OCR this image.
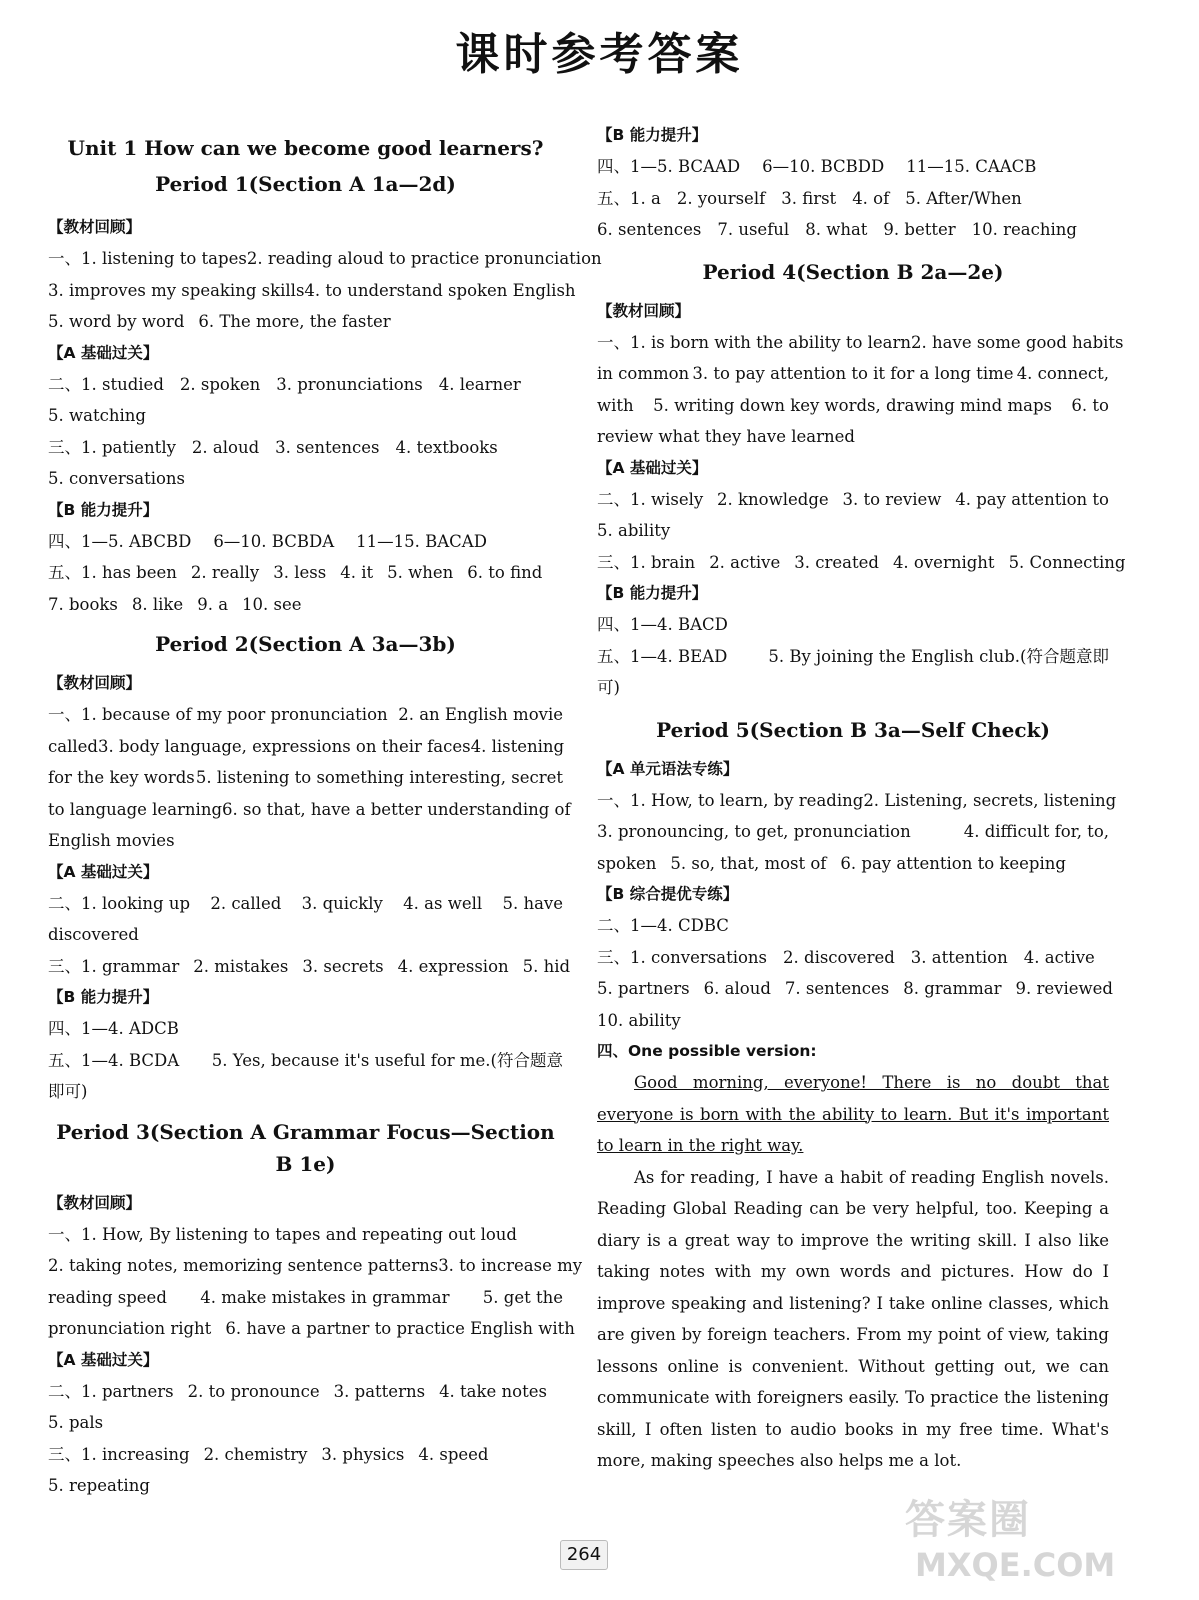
课时参考答案
Unit 1 How can we become good learners?
Period 1(Section A 1a—2d)
【教材回顾】
一、1. listening to tapes 2. reading aloud to practice pronunciation
3. improves my speaking skills 4. to understand spoken English
5. word by word 6. The more, the faster
【A 基础过关】
二、1. studied 2. spoken 3. pronunciations 4. learner
5. watching
三、1. patiently 2. aloud 3. sentences 4. textbooks
5. conversations
【B 能力提升】
四、1—5. ABCBD 6—10. BCBDA 11—15. BACAD
五、1. has been 2. really 3. less 4. it 5. when 6. to find
7. books 8. like 9. a 10. see
Period 2(Section A 3a—3b)
【教材回顾】
一、1. because of my poor pronunciation 2. an English movie
called 3. body language, expressions on their faces 4. listening
for the key words 5. listening to something interesting, secret
to language learning 6. so that, have a better understanding of
English movies
【A 基础过关】
二、1. looking up 2. called 3. quickly 4. as well 5. have
discovered
三、1. grammar 2. mistakes 3. secrets 4. expression 5. hid
【B 能力提升】
四、1—4. ADCB
五、1—4. BCDA 5. Yes, because it's useful for me.(符合题意
即可)
Period 3(Section A Grammar Focus—Section B 1e)
【教材回顾】
一、1. How, By listening to tapes and repeating out loud
2. taking notes, memorizing sentence patterns 3. to increase my
reading speed 4. make mistakes in grammar 5. get the
pronunciation right 6. have a partner to practice English with
【A 基础过关】
二、1. partners 2. to pronounce 3. patterns 4. take notes
5. pals
三、1. increasing 2. chemistry 3. physics 4. speed
5. repeating
【B 能力提升】
四、1—5. BCAAD 6—10. BCBDD 11—15. CAACB
五、1. a 2. yourself 3. first 4. of 5. After/When
6. sentences 7. useful 8. what 9. better 10. reaching
Period 4(Section B 2a—2e)
【教材回顾】
一、1. is born with the ability to learn 2. have some good habits
in common 3. to pay attention to it for a long time 4. connect,
with 5. writing down key words, drawing mind maps 6. to
review what they have learned
【A 基础过关】
二、1. wisely 2. knowledge 3. to review 4. pay attention to
5. ability
三、1. brain 2. active 3. created 4. overnight 5. Connecting
【B 能力提升】
四、1—4. BACD
五、1—4. BEAD 5. By joining the English club.(符合题意即
可)
Period 5(Section B 3a—Self Check)
【A 单元语法专练】
一、1. How, to learn, by reading 2. Listening, secrets, listening
3. pronouncing, to get, pronunciation	4. difficult for, to,
spoken 5. so, that, most of 6. pay attention to keeping
【B 综合提优专练】
二、1—4. CDBC
三、1. conversations 2. discovered 3. attention 4. active
5. partners 6. aloud 7. sentences 8. grammar 9. reviewed
10. ability
四、One possible version:
Good morning, everyone! There is no doubt that everyone is born with the ability to learn. But it's important to learn in the right way.
As for reading, I have a habit of reading English novels. Reading Global Reading can be very helpful, too. Keeping a diary is a great way to improve the writing skill. I also like taking notes with my own words and pictures. How do I improve speaking and listening? I take online classes, which are given by foreign teachers. From my point of view, taking lessons online is convenient. Without getting out, we can communicate with foreigners easily. To practice the listening skill, I often listen to audio books in my free time. What's more, making speeches also helps me a lot.
264
答案圈
MXQE.COM
